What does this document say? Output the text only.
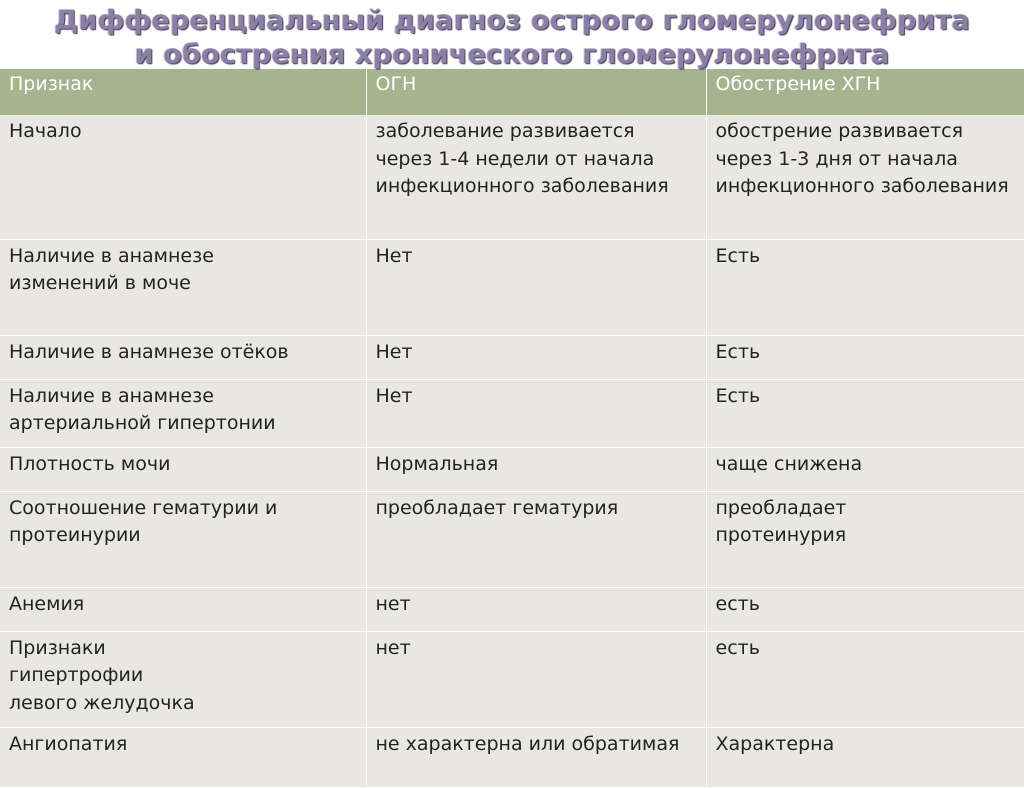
Дифференциальный диагноз острого гломерулонефрита
и обострения хронического гломерулонефрита
Признак	ОГН	Обострение ХГН
Начало	заболевание развивается через 1-4 недели от начала инфекционного заболевания	обострение развивается через 1-3 дня от начала инфекционного заболевания
Наличие в анамнезе изменений в моче	Нет	Есть
Наличие в анамнезе отёков	Нет	Есть
Наличие в анамнезе артериальной гипертонии	Нет	Есть
Плотность мочи	Нормальная	чаще снижена
Соотношение гематурии и протеинурии	преобладает гематурия	преобладает протеинурия
Анемия	нет	есть
Признаки гипертрофии левого желудочка	нет	есть
Ангиопатия	не характерна или обратимая	Характерна
